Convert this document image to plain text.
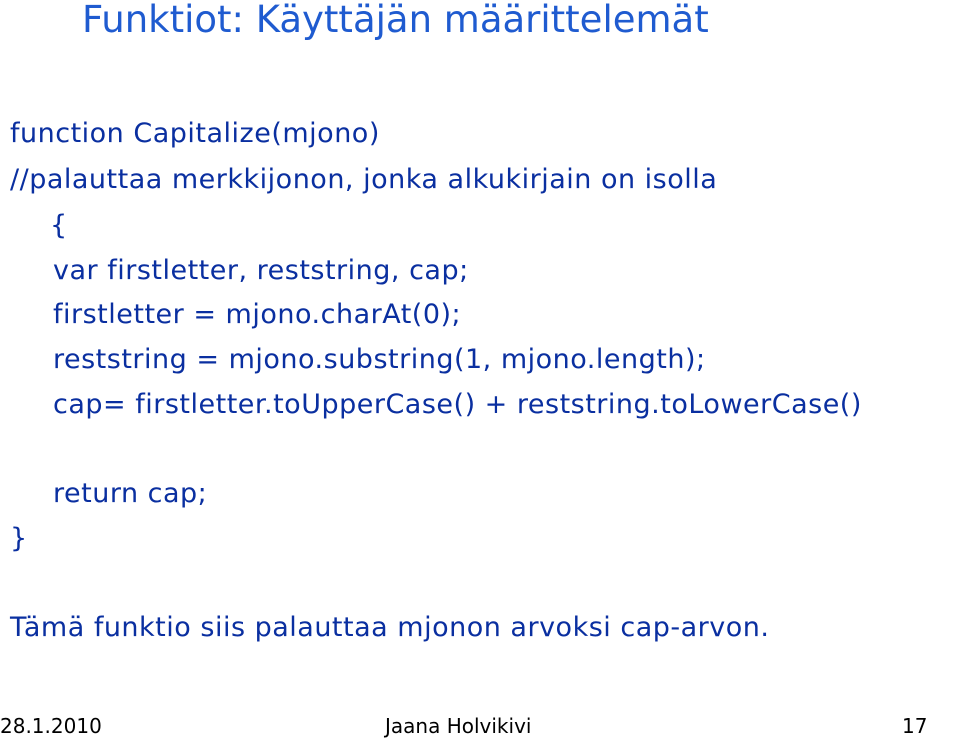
Funktiot: Käyttäjän määrittelemät
function Capitalize(mjono)
//palauttaa merkkijonon, jonka alkukirjain on isolla
{
var firstletter, reststring, cap;
firstletter = mjono.charAt(0);
reststring = mjono.substring(1, mjono.length);
cap= firstletter.toUpperCase() + reststring.toLowerCase()
return cap;
}
Tämä funktio siis palauttaa mjonon arvoksi cap-arvon.
28.1.2010	Jaana Holvikivi	17
